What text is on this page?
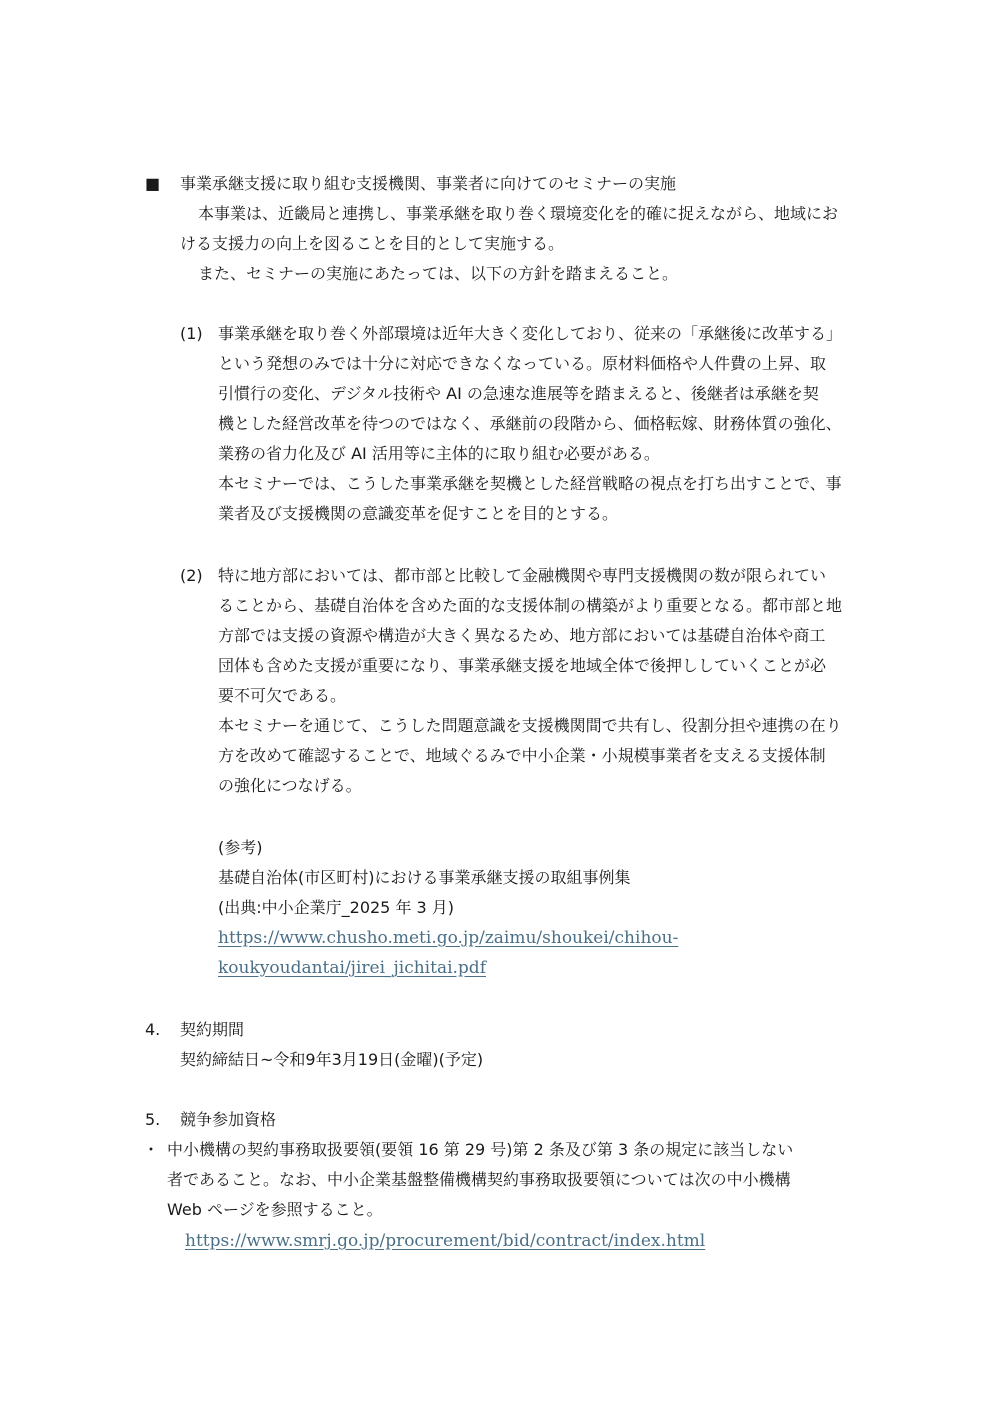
■ 事業承継支援に取り組む支援機関、事業者に向けてのセミナーの実施
本事業は、近畿局と連携し、事業承継を取り巻く環境変化を的確に捉えながら、地域にお
ける支援力の向上を図ることを目的として実施する。
また、セミナーの実施にあたっては、以下の方針を踏まえること。
(1) 事業承継を取り巻く外部環境は近年大きく変化しており、従来の「承継後に改革する」
という発想のみでは十分に対応できなくなっている。原材料価格や人件費の上昇、取
引慣行の変化、デジタル技術や AI の急速な進展等を踏まえると、後継者は承継を契
機とした経営改革を待つのではなく、承継前の段階から、価格転嫁、財務体質の強化、
業務の省力化及び AI 活用等に主体的に取り組む必要がある。
本セミナーでは、こうした事業承継を契機とした経営戦略の視点を打ち出すことで、事
業者及び支援機関の意識変革を促すことを目的とする。
(2) 特に地方部においては、都市部と比較して金融機関や専門支援機関の数が限られてい
ることから、基礎自治体を含めた面的な支援体制の構築がより重要となる。都市部と地
方部では支援の資源や構造が大きく異なるため、地方部においては基礎自治体や商工
団体も含めた支援が重要になり、事業承継支援を地域全体で後押ししていくことが必
要不可欠である。
本セミナーを通じて、こうした問題意識を支援機関間で共有し、役割分担や連携の在り
方を改めて確認することで、地域ぐるみで中小企業・小規模事業者を支える支援体制
の強化につなげる。
(参考)
基礎自治体(市区町村)における事業承継支援の取組事例集
(出典:中小企業庁_2025 年 3 月)
https://www.chusho.meti.go.jp/zaimu/shoukei/chihou-
koukyoudantai/jirei_jichitai.pdf
4. 契約期間
契約締結日~令和9年3月19日(金曜)(予定)
5. 競争参加資格
・ 中小機構の契約事務取扱要領(要領 16 第 29 号)第 2 条及び第 3 条の規定に該当しない
者であること。なお、中小企業基盤整備機構契約事務取扱要領については次の中小機構
Web ページを参照すること。
https://www.smrj.go.jp/procurement/bid/contract/index.html
